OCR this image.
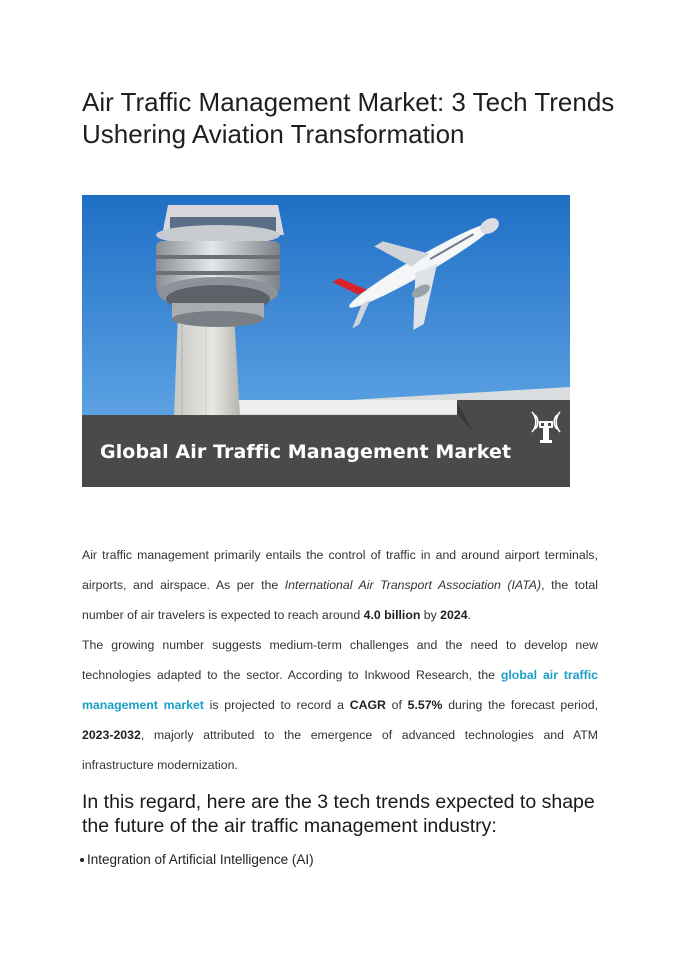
Air Traffic Management Market: 3 Tech Trends Ushering Aviation Transformation
Global Air Traffic Management Market

Air traffic management primarily entails the control of traffic in and around airport terminals, airports, and airspace. As per the International Air Transport Association (IATA), the total number of air travelers is expected to reach around 4.0 billion by 2024.

The growing number suggests medium-term challenges and the need to develop new technologies adapted to the sector. According to Inkwood Research, the global air traffic management market is projected to record a CAGR of 5.57% during the forecast period, 2023-2032, majorly attributed to the emergence of advanced technologies and ATM infrastructure modernization.

In this regard, here are the 3 tech trends expected to shape the future of the air traffic management industry:
Integration of Artificial Intelligence (AI)
